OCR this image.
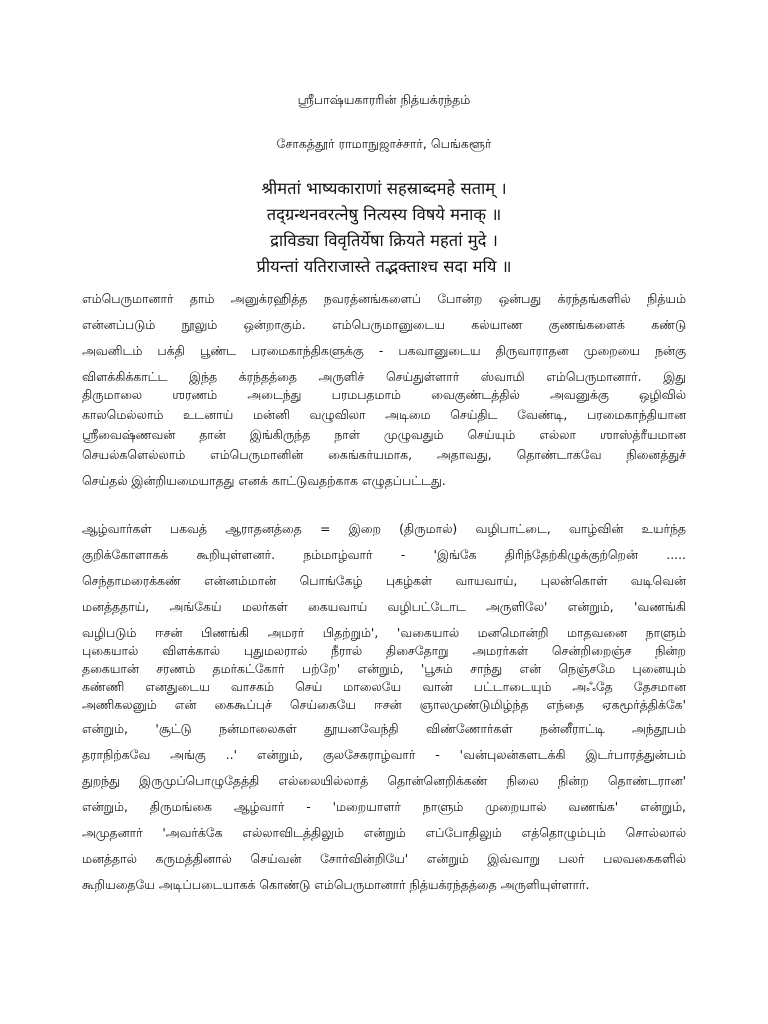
ஸ்ரீபாஷ்யகாரரின் நித்யக்ரந்தம்
சோகத்தூர் ராமாநுஜாச்சார், பெங்களூர்
श्रीमतां भाष्यकाराणां सहस्राब्दमहे सताम् ।
तद्ग्रन्थनवरत्नेषु नित्यस्य विषये मनाक् ॥
द्राविड्या विवृतिर्येषा क्रियते महतां मुदे ।
प्रीयन्तां यतिराजास्ते तद्भक्ताश्च सदा मयि ॥
எம்பெருமானார் தாம் அனுக்ரஹித்த நவரத்னங்களைப் போன்ற ஒன்பது க்ரந்தங்களில் நித்யம்
என்னப்படும் நூலும் ஒன்றாகும். எம்பெருமானுடைய கல்யாண குணங்களைக் கண்டு
அவனிடம் பக்தி பூண்ட பரமைகாந்திகளுக்கு - பகவானுடைய திருவாராதன முறையை நன்கு
விளக்கிக்காட்ட இந்த க்ரந்தத்தை அருளிச் செய்துள்ளார் ஸ்வாமி எம்பெருமானார். இது
திருமாலை ஶரணம் அடைந்து பரமபதமாம் வைகுண்டத்தில் அவனுக்கு ஒழிவில்
காலமெல்லாம் உடனாய் மன்னி வழுவிலா அடிமை செய்திட வேண்டி, பரமைகாந்தியான
ஸ்ரீவைஷ்ணவன் தான் இங்கிருந்த நாள் முழுவதும் செய்யும் எல்லா ஶாஸ்த்ரீயமான
செயல்களெல்லாம் எம்பெருமானின் கைங்கர்யமாக, அதாவது, தொண்டாகவே நினைத்துச்
செய்தல் இன்றியமையாதது எனக் காட்டுவதற்காக எழுதப்பட்டது.
ஆழ்வார்கள் பகவத் ஆராதனத்தை = இறை (திருமால்) வழிபாட்டை, வாழ்வின் உயர்ந்த
குறிக்கோளாகக் கூறியுள்ளனர். நம்மாழ்வார் - 'இங்கே திரிந்தேற்கிழுக்குற்றென் .....
செந்தாமரைக்கண் என்னம்மான் பொங்கேழ் புகழ்கள் வாயவாய், புலன்கொள் வடிவென்
மனத்ததாய், அங்கேய் மலர்கள் கையவாய் வழிபட்டோட அருளிலே' என்றும், 'வணங்கி
வழிபடும் ஈசன் பிணங்கி அமரர் பிதற்றும்', 'வகையால் மனமொன்றி மாதவனை நாளும்
புகையால் விளக்கால் புதுமலரால் நீரால் திசைதோறு அமரர்கள் சென்றிறைஞ்ச நின்ற
தகையான் சரணம் தமர்கட்கோர் பற்றே' என்றும், 'பூசும் சாந்து என் நெஞ்சமே புனையும்
கண்ணி எனதுடைய வாசகம் செய் மாலையே வான் பட்டாடையும் அஃதே தேசமான
அணிகலனும் என் கைகூப்புச் செய்கையே ஈசன் ஞாலமுண்டுமிழ்ந்த எந்தை ஏகமூர்த்திக்கே'
என்றும், 'சூட்டு நன்மாலைகள் தூயனவேந்தி விண்ணோர்கள் நன்னீராட்டி அந்தூபம்
தராநிற்கவே அங்கு ..' என்றும், குலசேகராழ்வார் - 'வன்புலன்களடக்கி இடர்பாரத்துன்பம்
துறந்து இருமுப்பொழுதேத்தி எல்லையில்லாத் தொன்னெறிக்கண் நிலை நின்ற தொண்டரான'
என்றும், திருமங்கை ஆழ்வார் - 'மறையாளர் நாளும் முறையால் வணங்க' என்றும்,
அமுதனார் 'அவர்க்கே எல்லாவிடத்திலும் என்றும் எப்போதிலும் எத்தொழும்பும் சொல்லால்
மனத்தால் கருமத்தினால் செய்வன் சோர்வின்றியே' என்றும் இவ்வாறு பலர் பலவகைகளில்
கூறியதையே அடிப்படையாகக் கொண்டு எம்பெருமானார் நித்யக்ரந்தத்தை அருளியுள்ளார்.
